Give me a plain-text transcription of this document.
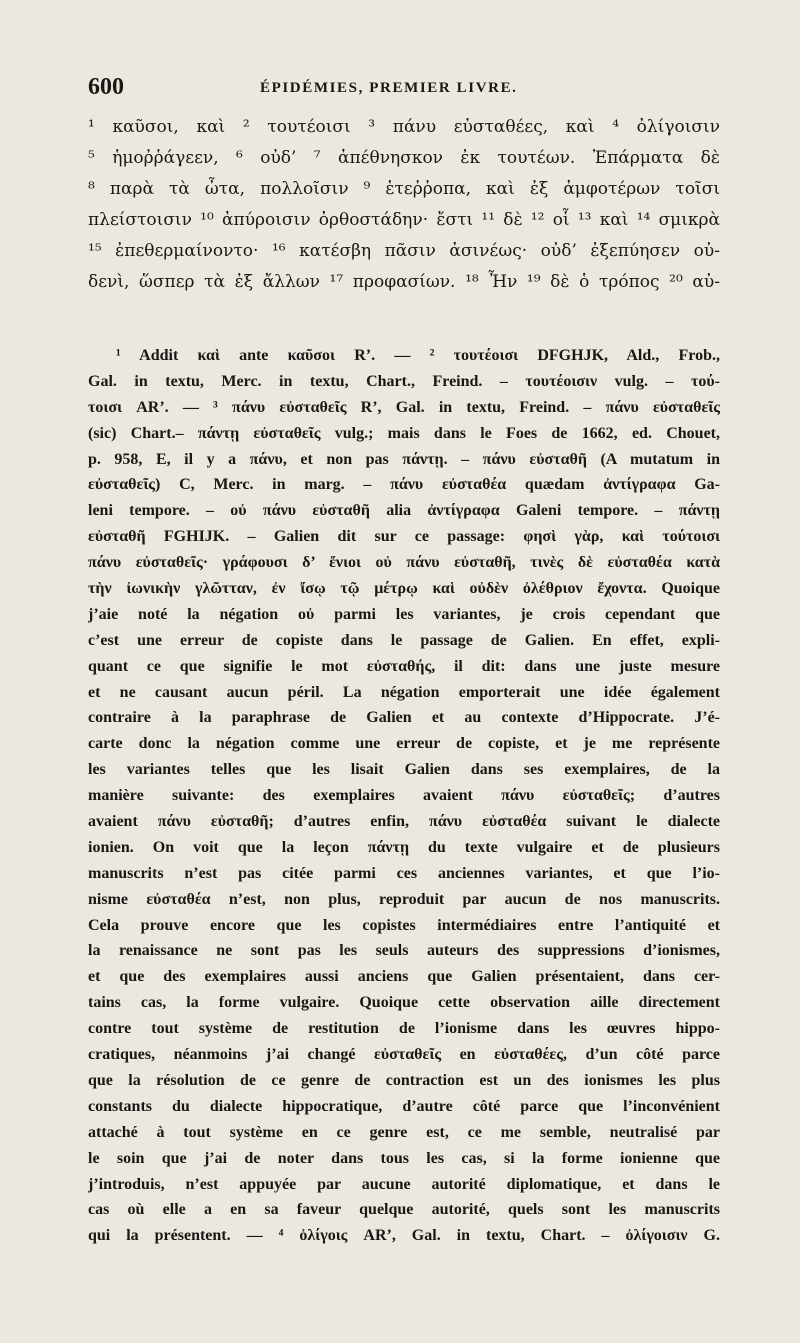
600	ÉPIDÉMIES, PREMIER LIVRE.
¹ καῦσοι, καὶ ² τουτέοισι ³ πάνυ εὐσταθέες, καὶ ⁴ ὀλίγοισιν
⁵ ἡμοῤῥάγεεν, ⁶ οὐδ’ ⁷ ἀπέθνησκον ἐκ τουτέων. Ἐπάρματα δὲ
⁸ παρὰ τὰ ὦτα, πολλοῖσιν ⁹ ἑτεῤῥοπα, καὶ ἐξ ἀμφοτέρων τοῖσι
πλείστοισιν ¹⁰ ἀπύροισιν ὀρθοστάδην· ἔστι ¹¹ δὲ ¹² οἷ ¹³ καὶ ¹⁴ σμικρὰ
¹⁵ ἐπεθερμαίνοντο· ¹⁶ κατέσβη πᾶσιν ἀσινέως· οὐδ’ ἐξεπύησεν οὐ-
δενὶ, ὥσπερ τὰ ἐξ ἄλλων ¹⁷ προφασίων. ¹⁸ Ἦν ¹⁹ δὲ ὁ τρόπος ²⁰ αὐ-
¹ Addit καὶ ante καῦσοι R’. — ² τουτέοισι DFGHJK, Ald., Frob.,
Gal. in textu, Merc. in textu, Chart., Freind. – τουτέοισιν vulg. – τού-
τοισι AR’. — ³ πάνυ εὐσταθεῖς R’, Gal. in textu, Freind. – πάνυ εὐσταθεῖς
(sic) Chart.– πάντῃ εὐσταθεῖς vulg.; mais dans le Foes de 1662, ed. Chouet,
p. 958, E, il y a πάνυ, et non pas πάντῃ. – πάνυ εὐσταθῆ (A mutatum in
εὐσταθεῖς) C, Merc. in marg. – πάνυ εὐσταθέα quædam ἀντίγραφα Ga-
leni tempore. – οὐ πάνυ εὐσταθῆ alia ἀντίγραφα Galeni tempore. – πάντῃ
εὐσταθῆ FGHIJK. – Galien dit sur ce passage: φησὶ γὰρ, καὶ τούτοισι
πάνυ εὐσταθεῖς· γράφουσι δ’ ἔνιοι οὐ πάνυ εὐσταθῆ, τινὲς δὲ εὐσταθέα κατὰ
τὴν ἰωνικὴν γλῶτταν, ἐν ἴσῳ τῷ μέτρῳ καὶ οὐδὲν ὀλέθριον ἔχοντα. Quoique
j’aie noté la négation οὐ parmi les variantes, je crois cependant que
c’est une erreur de copiste dans le passage de Galien. En effet, expli-
quant ce que signifie le mot εὐσταθής, il dit: dans une juste mesure
et ne causant aucun péril. La négation emporterait une idée également
contraire à la paraphrase de Galien et au contexte d’Hippocrate. J’é-
carte donc la négation comme une erreur de copiste, et je me représente
les variantes telles que les lisait Galien dans ses exemplaires, de la
manière suivante: des exemplaires avaient πάνυ εὐσταθεῖς; d’autres
avaient πάνυ εὐσταθῆ; d’autres enfin, πάνυ εὐσταθέα suivant le dialecte
ionien. On voit que la leçon πάντῃ du texte vulgaire et de plusieurs
manuscrits n’est pas citée parmi ces anciennes variantes, et que l’io-
nisme εὐσταθέα n’est, non plus, reproduit par aucun de nos manuscrits.
Cela prouve encore que les copistes intermédiaires entre l’antiquité et
la renaissance ne sont pas les seuls auteurs des suppressions d’ionismes,
et que des exemplaires aussi anciens que Galien présentaient, dans cer-
tains cas, la forme vulgaire. Quoique cette observation aille directement
contre tout système de restitution de l’ionisme dans les œuvres hippo-
cratiques, néanmoins j’ai changé εὐσταθεῖς en εὐσταθέες, d’un côté parce
que la résolution de ce genre de contraction est un des ionismes les plus
constants du dialecte hippocratique, d’autre côté parce que l’inconvénient
attaché à tout système en ce genre est, ce me semble, neutralisé par
le soin que j’ai de noter dans tous les cas, si la forme ionienne que
j’introduis, n’est appuyée par aucune autorité diplomatique, et dans le
cas où elle a en sa faveur quelque autorité, quels sont les manuscrits
qui la présentent. — ⁴ ὀλίγοις AR’, Gal. in textu, Chart. – ὀλίγοισιν G.
